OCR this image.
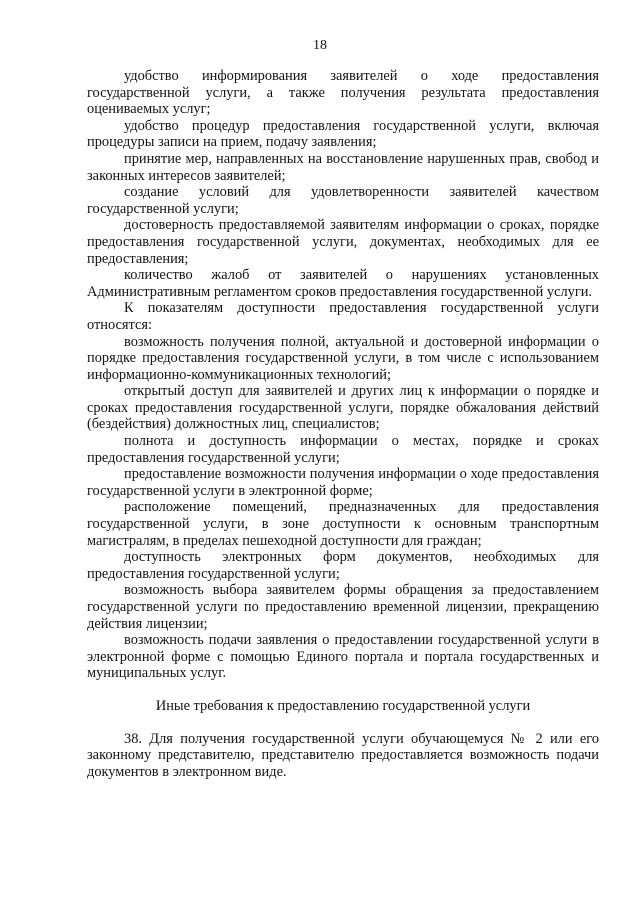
18

удобство информирования заявителей о ходе предоставления государственной услуги, а также получения результата предоставления оцениваемых услуг;

удобство процедур предоставления государственной услуги, включая процедуры записи на прием, подачу заявления;

принятие мер, направленных на восстановление нарушенных прав, свобод и законных интересов заявителей;

создание условий для удовлетворенности заявителей качеством государственной услуги;

достоверность предоставляемой заявителям информации о сроках, порядке предоставления государственной услуги, документах, необходимых для ее предоставления;

количество жалоб от заявителей о нарушениях установленных Административным регламентом сроков предоставления государственной услуги.

К показателям доступности предоставления государственной услуги относятся:

возможность получения полной, актуальной и достоверной информации о порядке предоставления государственной услуги, в том числе с использованием информационно-коммуникационных технологий;

открытый доступ для заявителей и других лиц к информации о порядке и сроках предоставления государственной услуги, порядке обжалования действий (бездействия) должностных лиц, специалистов;

полнота и доступность информации о местах, порядке и сроках предоставления государственной услуги;

предоставление возможности получения информации о ходе предоставления государственной услуги в электронной форме;

расположение помещений, предназначенных для предоставления государственной услуги, в зоне доступности к основным транспортным магистралям, в пределах пешеходной доступности для граждан;

доступность электронных форм документов, необходимых для предоставления государственной услуги;

возможность выбора заявителем формы обращения за предоставлением государственной услуги по предоставлению временной лицензии, прекращению действия лицензии;

возможность подачи заявления о предоставлении государственной услуги в электронной форме с помощью Единого портала и портала государственных и муниципальных услуг.

Иные требования к предоставлению государственной услуги

38. Для получения государственной услуги обучающемуся № 2 или его законному представителю, представителю предоставляется возможность подачи документов в электронном виде.
